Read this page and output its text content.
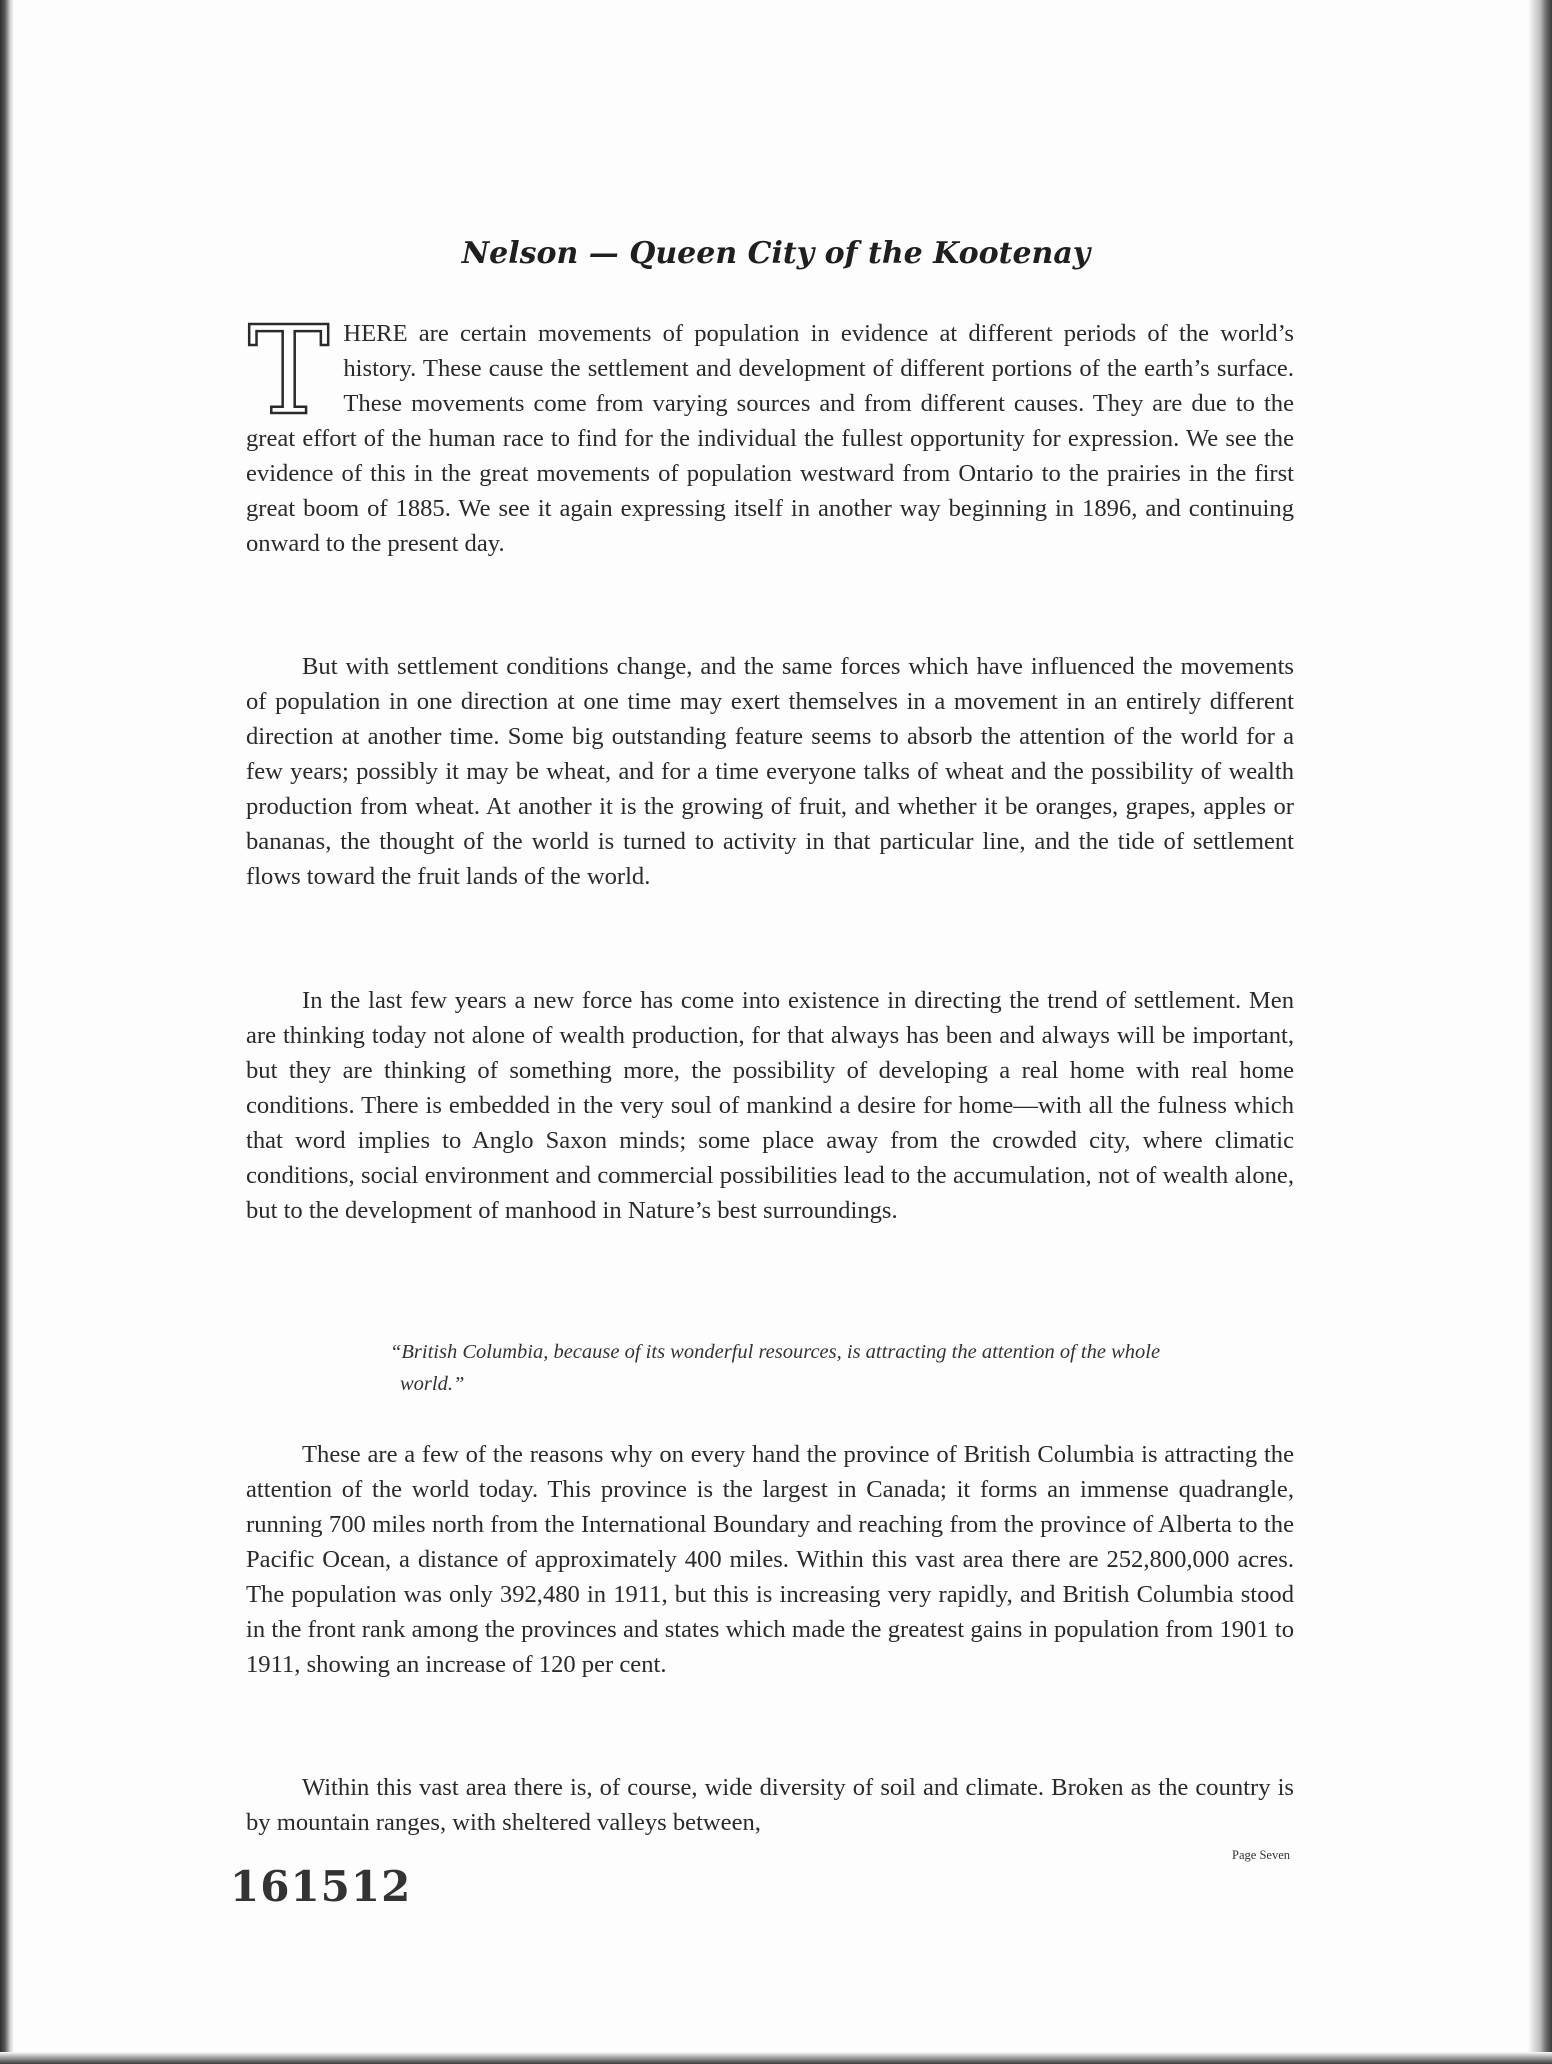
Nelson — Queen City of the Kootenay

THERE are certain movements of population in evidence at different periods of the world’s history. These cause the settlement and development of different portions of the earth’s surface. These movements come from varying sources and from different causes. They are due to the great effort of the human race to find for the individual the fullest opportunity for expression. We see the evidence of this in the great movements of population westward from Ontario to the prairies in the first great boom of 1885. We see it again expressing itself in another way beginning in 1896, and continuing onward to the present day.

But with settlement conditions change, and the same forces which have influenced the movements of population in one direction at one time may exert themselves in a movement in an entirely different direction at another time. Some big outstanding feature seems to absorb the attention of the world for a few years; possibly it may be wheat, and for a time everyone talks of wheat and the possibility of wealth production from wheat. At another it is the growing of fruit, and whether it be oranges, grapes, apples or bananas, the thought of the world is turned to activity in that particular line, and the tide of settlement flows toward the fruit lands of the world.

In the last few years a new force has come into existence in directing the trend of settlement. Men are thinking today not alone of wealth production, for that always has been and always will be important, but they are thinking of something more, the possibility of developing a real home with real home conditions. There is embedded in the very soul of mankind a desire for home—with all the fulness which that word implies to Anglo Saxon minds; some place away from the crowded city, where climatic conditions, social environment and commercial possibilities lead to the accumulation, not of wealth alone, but to the development of manhood in Nature’s best surroundings.

“British Columbia, because of its wonderful resources, is attracting the attention of the whole world.”

These are a few of the reasons why on every hand the province of British Columbia is attracting the attention of the world today. This province is the largest in Canada; it forms an immense quadrangle, running 700 miles north from the International Boundary and reaching from the province of Alberta to the Pacific Ocean, a distance of approximately 400 miles. Within this vast area there are 252,800,000 acres. The population was only 392,480 in 1911, but this is increasing very rapidly, and British Columbia stood in the front rank among the provinces and states which made the greatest gains in population from 1901 to 1911, showing an increase of 120 per cent.

Within this vast area there is, of course, wide diversity of soil and climate. Broken as the country is by mountain ranges, with sheltered valleys between,

Page Seven

161512
